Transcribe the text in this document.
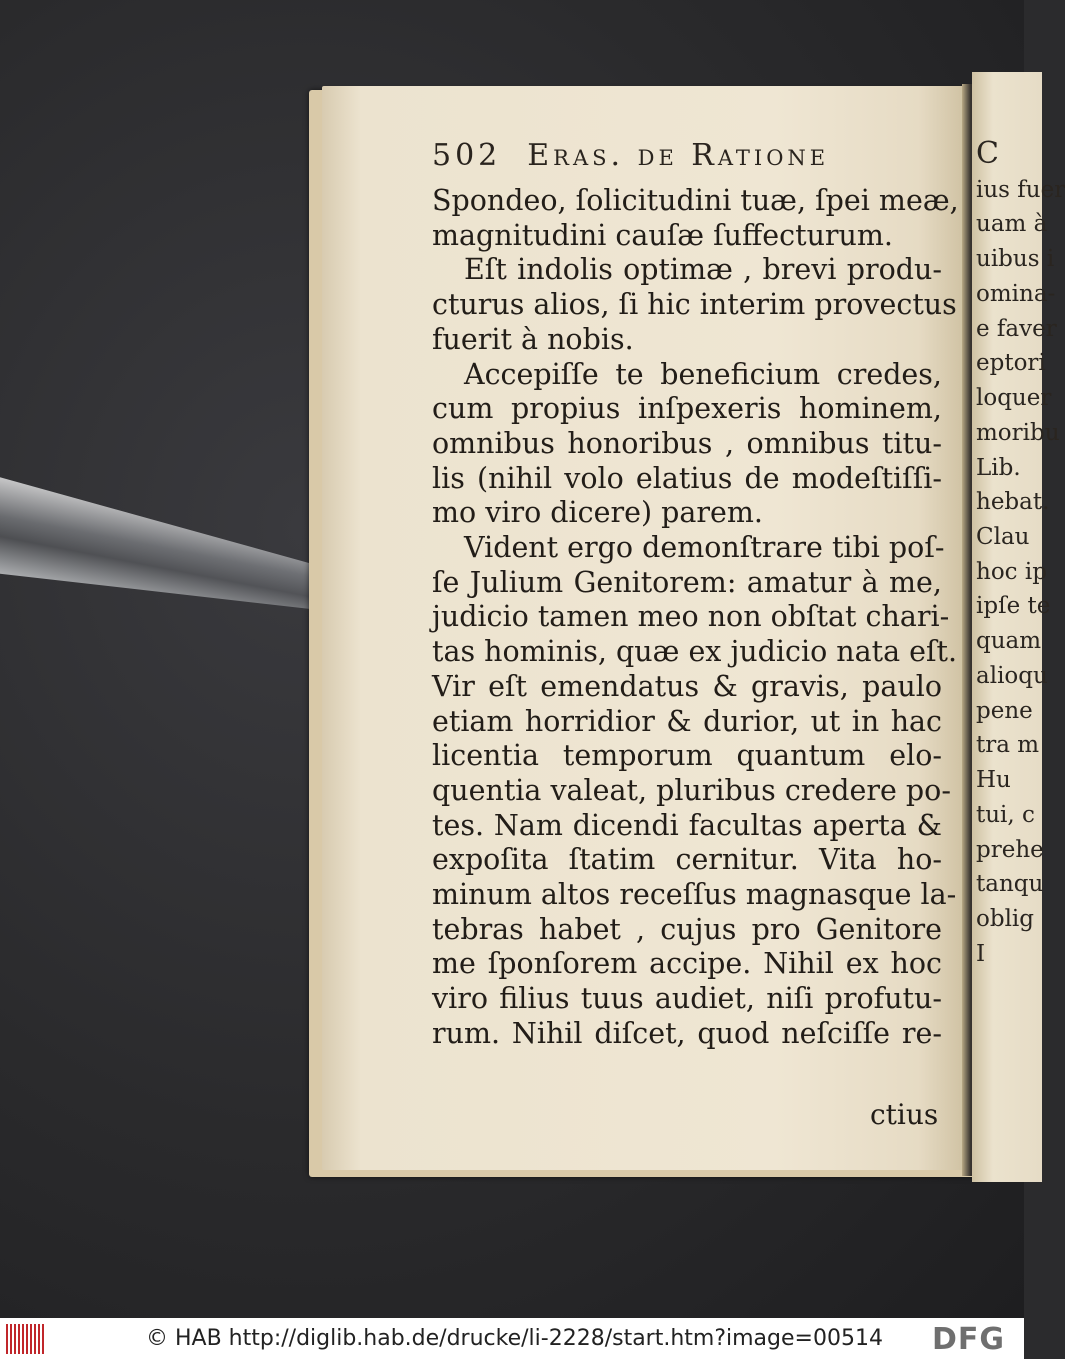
C
ius fuer
uam à
uibus i
omina-
e faver
eptori
loquer
moribu
Lib.
hebat.
Clau
hoc ip
ipſe te
quam
alioqu
pene
tra m
Hu
tui, c
prehe
tanqu
oblig
I
502 Eras. de Ratione
Spondeo, ſolicitudini tuæ, ſpei meæ,
magnitudini cauſæ ſuffecturum.
Eſt indolis optimæ , brevi produ-
cturus alios, ſi hic interim provectus
fuerit à nobis.
Accepiſſe te beneficium credes,
cum propius inſpexeris hominem,
omnibus honoribus , omnibus titu-
lis (nihil volo elatius de modeſtiſſi-
mo viro dicere) parem.
Vident ergo demonſtrare tibi poſ-
ſe Julium Genitorem: amatur à me,
judicio tamen meo non obſtat charі-
tas hominis, quæ ex judicio nata eſt.
Vir eſt emendatus & gravis, paulo
etiam horridior & durior, ut in hac
licentia temporum quantum elo-
quentia valeat, pluribus credere po-
tes. Nam dicendi facultas aperta &
expoſita ſtatim cernitur. Vita ho-
minum altos receſſus magnasque la-
tebras habet , cujus pro Genitore
me ſponſorem accipe. Nihil ex hoc
viro filius tuus audiet, niſi profutu-
rum. Nihil diſcet, quod neſciſſe re-
ctius
© HAB http://diglib.hab.de/drucke/li-2228/start.htm?image=00514 DFG
